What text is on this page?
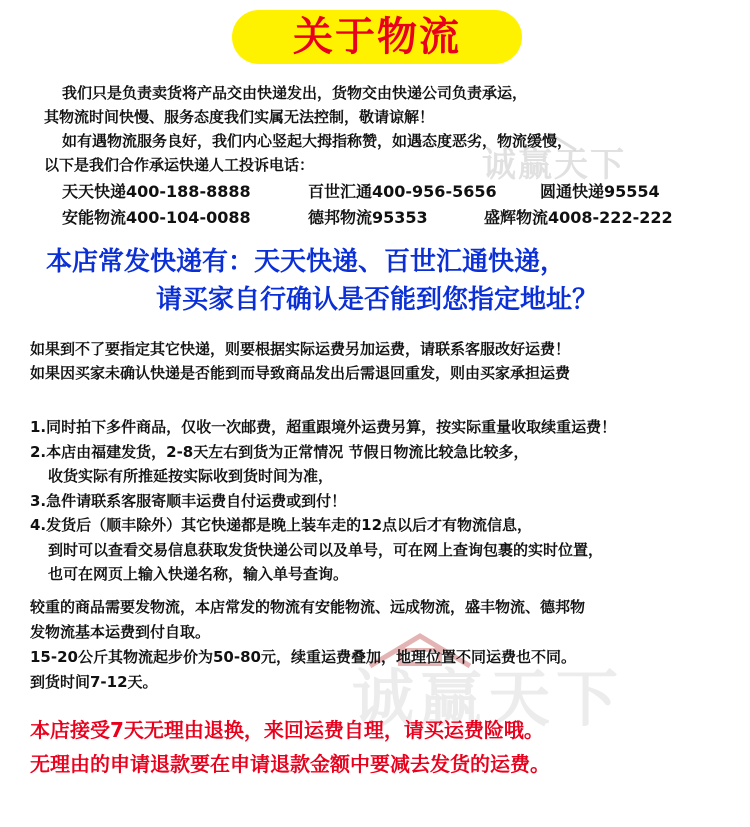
诚赢天下
诚赢天下
关于物流
我们只是负责卖货将产品交由快递发出，货物交由快递公司负责承运，
其物流时间快慢、服务态度我们实属无法控制，敬请谅解！
如有遇物流服务良好，我们内心竖起大拇指称赞，如遇态度恶劣，物流缓慢，
以下是我们合作承运快递人工投诉电话：
天天快递400-188-8888	百世汇通400-956-5656	圆通快递95554
安能物流400-104-0088	德邦物流95353	盛辉物流4008-222-222
本店常发快递有：天天快递、百世汇通快递，
请买家自行确认是否能到您指定地址？
如果到不了要指定其它快递，则要根据实际运费另加运费，请联系客服改好运费！
如果因买家未确认快递是否能到而导致商品发出后需退回重发，则由买家承担运费
1.同时拍下多件商品，仅收一次邮费，超重跟境外运费另算，按实际重量收取续重运费！
2.本店由福建发货，2-8天左右到货为正常情况 节假日物流比较急比较多，
收货实际有所推延按实际收到货时间为准，
3.急件请联系客服寄顺丰运费自付运费或到付！
4.发货后（顺丰除外）其它快递都是晚上装车走的12点以后才有物流信息，
到时可以查看交易信息获取发货快递公司以及单号，可在网上查询包裹的实时位置，
也可在网页上输入快递名称，输入单号查询。
较重的商品需要发物流，本店常发的物流有安能物流、远成物流，盛丰物流、德邦物
发物流基本运费到付自取。
15-20公斤其物流起步价为50-80元，续重运费叠加，地理位置不同运费也不同。
到货时间7-12天。
本店接受7天无理由退换，来回运费自理，请买运费险哦。
无理由的申请退款要在申请退款金额中要减去发货的运费。
